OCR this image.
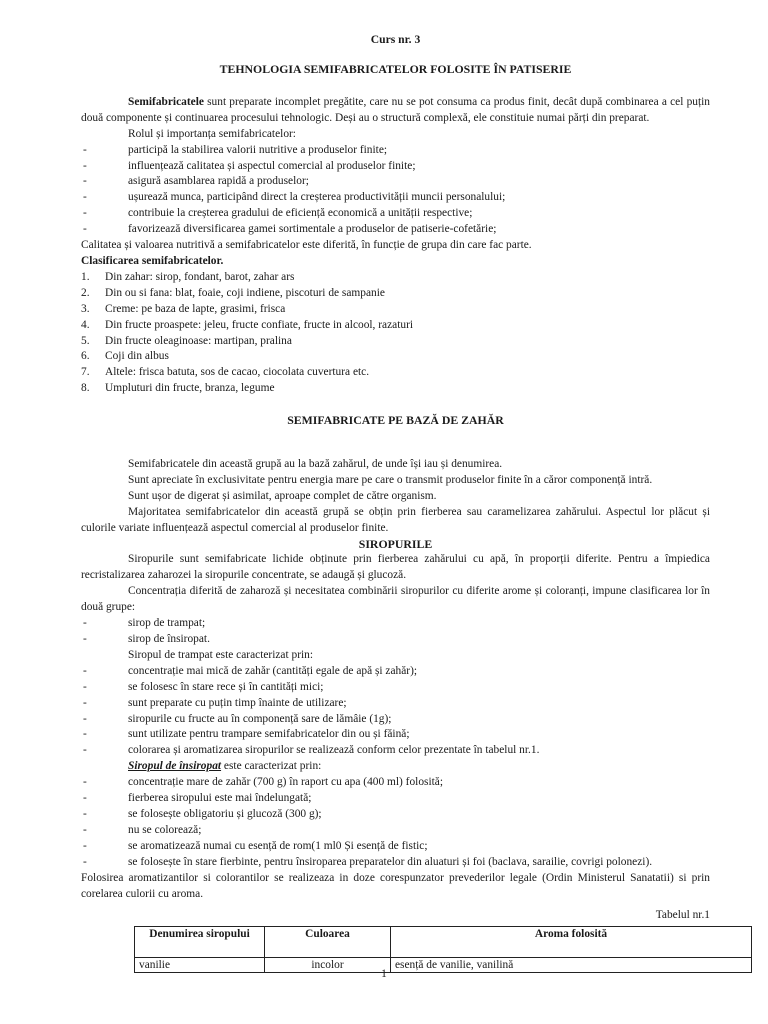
Curs nr. 3

TEHNOLOGIA SEMIFABRICATELOR FOLOSITE ÎN PATISERIE

Semifabricatele sunt preparate incomplet pregătite, care nu se pot consuma ca produs finit, decât după combinarea a cel puțin două componente și continuarea procesului tehnologic. Deși au o structură complexă, ele constituie numai părți din preparat.

Rolul și importanța semifabricatelor:

-	participă la stabilirea valorii nutritive a produselor finite;
-	influențează calitatea și aspectul comercial al produselor finite;
-	asigură asamblarea rapidă a produselor;
-	ușurează munca, participând direct la creșterea productivității muncii personalului;
-	contribuie la creșterea gradului de eficiență economică a unității respective;
-	favorizează diversificarea gamei sortimentale a produselor de patiserie-cofetărie;

Calitatea și valoarea nutritivă a semifabricatelor este diferită, în funcție de grupa din care fac parte.

Clasificarea semifabricatelor.

1. Din zahar: sirop, fondant, barot, zahar ars
2. Din ou si fana: blat, foaie, coji indiene, piscoturi de sampanie
3. Creme: pe baza de lapte, grasimi, frisca
4. Din fructe proaspete: jeleu, fructe confiate, fructe in alcool, razaturi
5. Din fructe oleaginoase: martipan, pralina
6. Coji din albus
7. Altele: frisca batuta, sos de cacao, ciocolata cuvertura etc.
8. Umpluturi din fructe, branza, legume

SEMIFABRICATE PE BAZĂ DE ZAHĂR

Semifabricatele din această grupă au la bază zahărul, de unde își iau și denumirea.

Sunt apreciate în exclusivitate pentru energia mare pe care o transmit produselor finite în a căror componență intră.

Sunt ușor de digerat și asimilat, aproape complet de către organism.

Majoritatea semifabricatelor din această grupă se obțin prin fierberea sau caramelizarea zahărului. Aspectul lor plăcut și culorile variate influențează aspectul comercial al produselor finite.

SIROPURILE

Siropurile sunt semifabricate lichide obținute prin fierberea zahărului cu apă, în proporții diferite. Pentru a împiedica recristalizarea zaharozei la siropurile concentrate, se adaugă și glucoză.

Concentrația diferită de zaharoză și necesitatea combinării siropurilor cu diferite arome și coloranți, impune clasificarea lor în două grupe:

-	sirop de trampat;
-	sirop de însiropat.

Siropul de trampat este caracterizat prin:

-	concentrație mai mică de zahăr (cantități egale de apă și zahăr);
-	se folosesc în stare rece și în cantități mici;
-	sunt preparate cu puțin timp înainte de utilizare;
-	siropurile cu fructe au în componență sare de lămâie (1g);
-	sunt utilizate pentru trampare semifabricatelor din ou și făină;
-	colorarea și aromatizarea siropurilor se realizează conform celor prezentate în tabelul nr.1.

Siropul de însiropat este caracterizat prin:

-	concentrație mare de zahăr (700 g) în raport cu apa (400 ml) folosită;
-	fierberea siropului este mai îndelungată;
-	se folosește obligatoriu și glucoză (300 g);
-	nu se colorează;
-	se aromatizează numai cu esență de rom(1 ml0 Și esență de fistic;
-	se folosește în stare fierbinte, pentru însiroparea preparatelor din aluaturi și foi (baclava, sarailie, covrigi polonezi).

Folosirea aromatizantilor si colorantilor se realizeaza in doze corespunzator prevederilor legale (Ordin Ministerul Sanatatii) si prin corelarea culorii cu aroma.

Tabelul nr.1

Denumirea siropului	Culoarea	Aroma folosită
vanilie	incolor	esență de vanilie, vanilină
1
